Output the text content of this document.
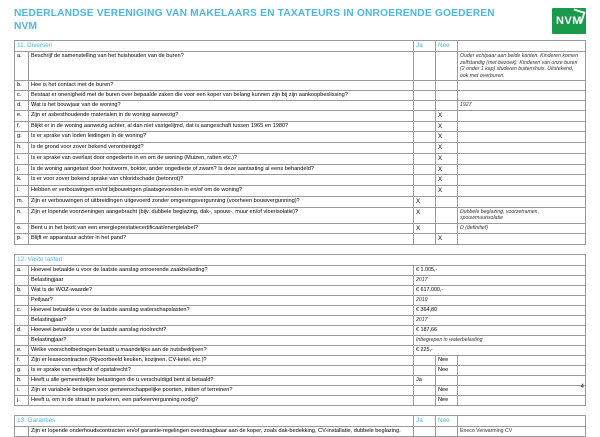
NEDERLANDSE VERENIGING VAN MAKELAARS EN TAXATEURS IN ONROERENDE GOEDEREN NVM	NVM
11. Diversen		Ja	Nee	
a.	Beschrijf de samenstelling van het huishouden van de buren?			Ouder echtpaar aan beide kanten. Kinderen komen zelfstandig (met bezoek). Kinderen van onze buren (2 onder 1 kap) studeren buitenshuis. Uitstekend, ook met overburen.
b.	Hoe is het contact met de buren?			
c.	Bestaat er onenigheid met de buren over bepaalde zaken die voor een koper van belang kunnen zijn bij zijn aankoopbeslissing?			
d.	Wat is het bouwjaar van de woning?			1927
e.	Zijn er asbesthoudende materialen in de woning aanwezig?		X	
f.	Blijkt er in de woning aanwezig achter, al dan niet vastgelijmd, dat is aangeschaft tussen 1965 en 1980?		X	
g.	Is er sprake van loden leidingen in de woning?		X	
h.	Is de grond voor zover bekend verontreinigd?		X	
i.	Is er sprake van overlast door ongedierte in en om de woning (Muizen, ratten etc.)?		X	
j.	Is de woning aangetast door houtworm, boktor, ander ongedierte of zwam? Is deze aantasting al eens behandeld?		X	
k.	Is er voor zover bekend sprake van chloridschade (betonrot)?		X	
l.	Hebben er verbouwingen en/of bijbouwingen plaatsgevonden in en/of om de woning?		X	
m.	Zijn er verbouwingen of uitbreidingen uitgevoerd zonder omgevingsvergunning (voorheen bouwvergunning)?	X		
n.	Zijn er lopende voorzieningen aangebracht (bijv. dubbele beglazing, dak-, spouw-, muur en/of vloerisolatie)?	X		Dubbele beglazing, voorzetramen, spouwmuurisolatie
o.	Bent u in het bezit van een energieprestatiecertificaat/energielabel?	X		D (definitief)
p.	Blijft er apparatuur achter in het pand?		X	
12. Vaste lasten				
a.	Hoeveel betaalde u voor de laatste aanslag onroerende zaakbelasting?	€ 1.005,-		
	Belastingjaar	2017		
b.	Wat is de WOZ-waarde?	€ 617.000,-		
	Peiljaar?	2019		
c.	Hoeveel betaalde u voor de laatste aanslag waterschapslasten?	€ 364,80		
	Belastingjaar?	2017		
d.	Hoeveel betaalde u voor de laatste aanslag rioolrecht?	€ 187,66		
	Belastingjaar?	Inbegrepen in waterbelasting		
e.	Welke voorschotbedragen betaalt u maandelijks aan de nutsbedrijven?	€ 225,-		
f.	Zijn er leasecontracten (Rijvoorbeeld keuken, kozijnen, CV-ketel, etc.)?		Nee	
g.	Is er sprake van erfpacht of opstalrecht?		Nee	
h.	Heeft u alle gemeentelijke belastingen die u verschuldigd bent al betaald?	Ja		
i.	Zijn er variabele bedragen voor gemeenschappelijke poorten, initten of terreinen?		Nee	
j.	Heeft u, om in de straat te parkeren, een parkeervergunning nodig?		Nee	
13. Garanties		Ja	Nee	
	Zijn er lopende onderhoudscontracten en/of garantie-regelingen overdraagbaar aan de koper, zoals dak-bedekking, CV-installatie, dubbele beglazing.			Eneco Verwarming CV
4
